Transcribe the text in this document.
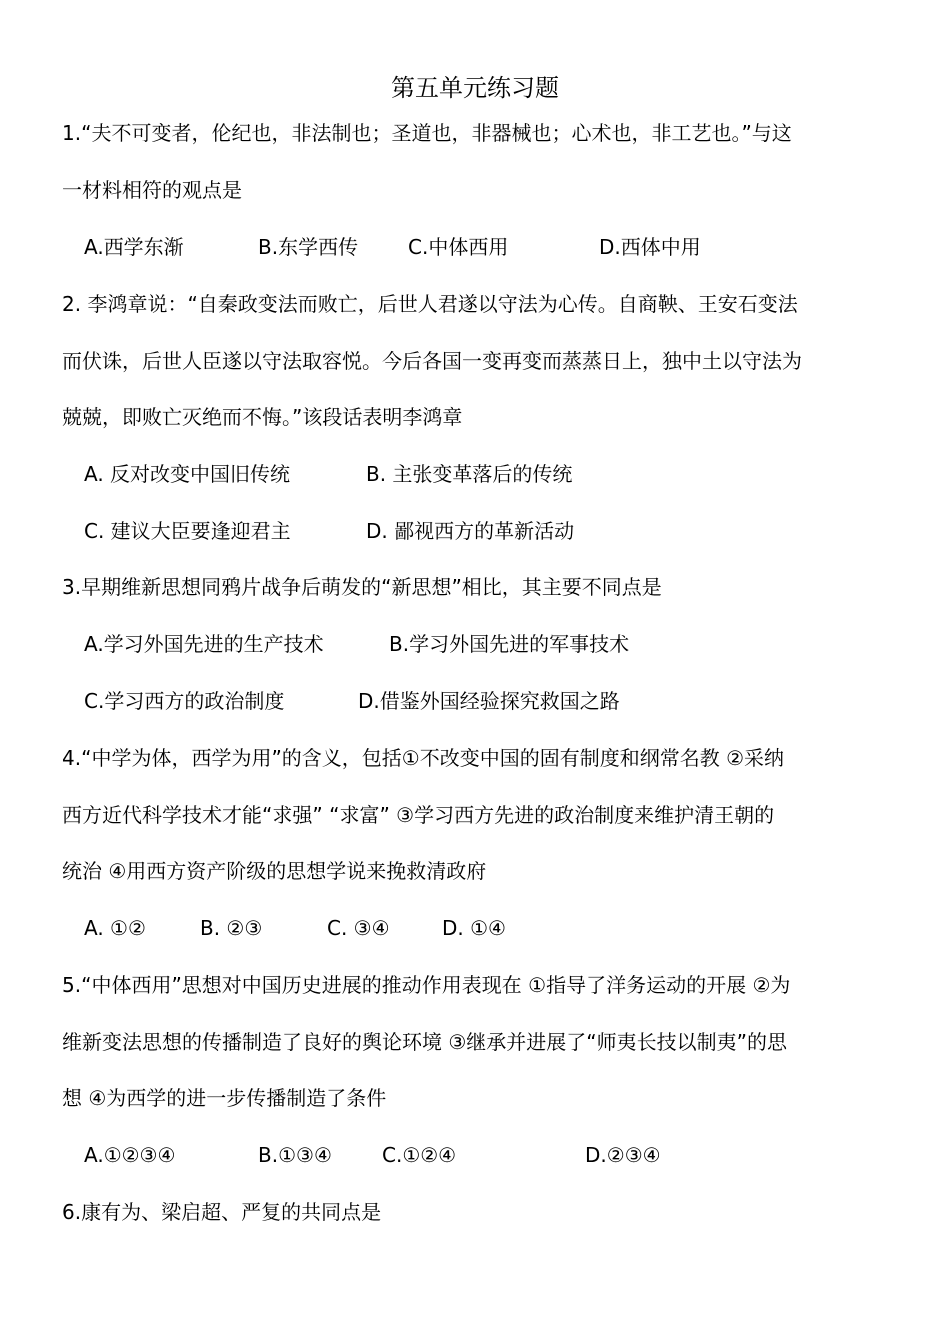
第五单元练习题
1.“夫不可变者，伦纪也，非法制也；圣道也，非器械也；心术也，非工艺也。”与这
一材料相符的观点是
A.西学东渐	B.东学西传 C.中体西用	D.西体中用
2. 李鸿章说：“自秦政变法而败亡，后世人君遂以守法为心传。自商鞅、王安石变法
而伏诛，后世人臣遂以守法取容悦。今后各国一变再变而蒸蒸日上，独中土以守法为
兢兢，即败亡灭绝而不悔。”该段话表明李鸿章
A. 反对改变中国旧传统	B. 主张变革落后的传统
C. 建议大臣要逢迎君主	D. 鄙视西方的革新活动
3.早期维新思想同鸦片战争后萌发的“新思想”相比，其主要不同点是
A.学习外国先进的生产技术	B.学习外国先进的军事技术
C.学习西方的政治制度	D.借鉴外国经验探究救国之路
4.“中学为体，西学为用”的含义，包括①不改变中国的固有制度和纲常名教 ②采纳
西方近代科学技术才能“求强” “求富” ③学习西方先进的政治制度来维护清王朝的
统治 ④用西方资产阶级的思想学说来挽救清政府
A. ①②	B. ②③	C. ③④	D. ①④
5.“中体西用”思想对中国历史进展的推动作用表现在 ①指导了洋务运动的开展 ②为
维新变法思想的传播制造了良好的舆论环境 ③继承并进展了“师夷长技以制夷”的思
想 ④为西学的进一步传播制造了条件
A.①②③④	B.①③④	C.①②④	D.②③④
6.康有为、梁启超、严复的共同点是
